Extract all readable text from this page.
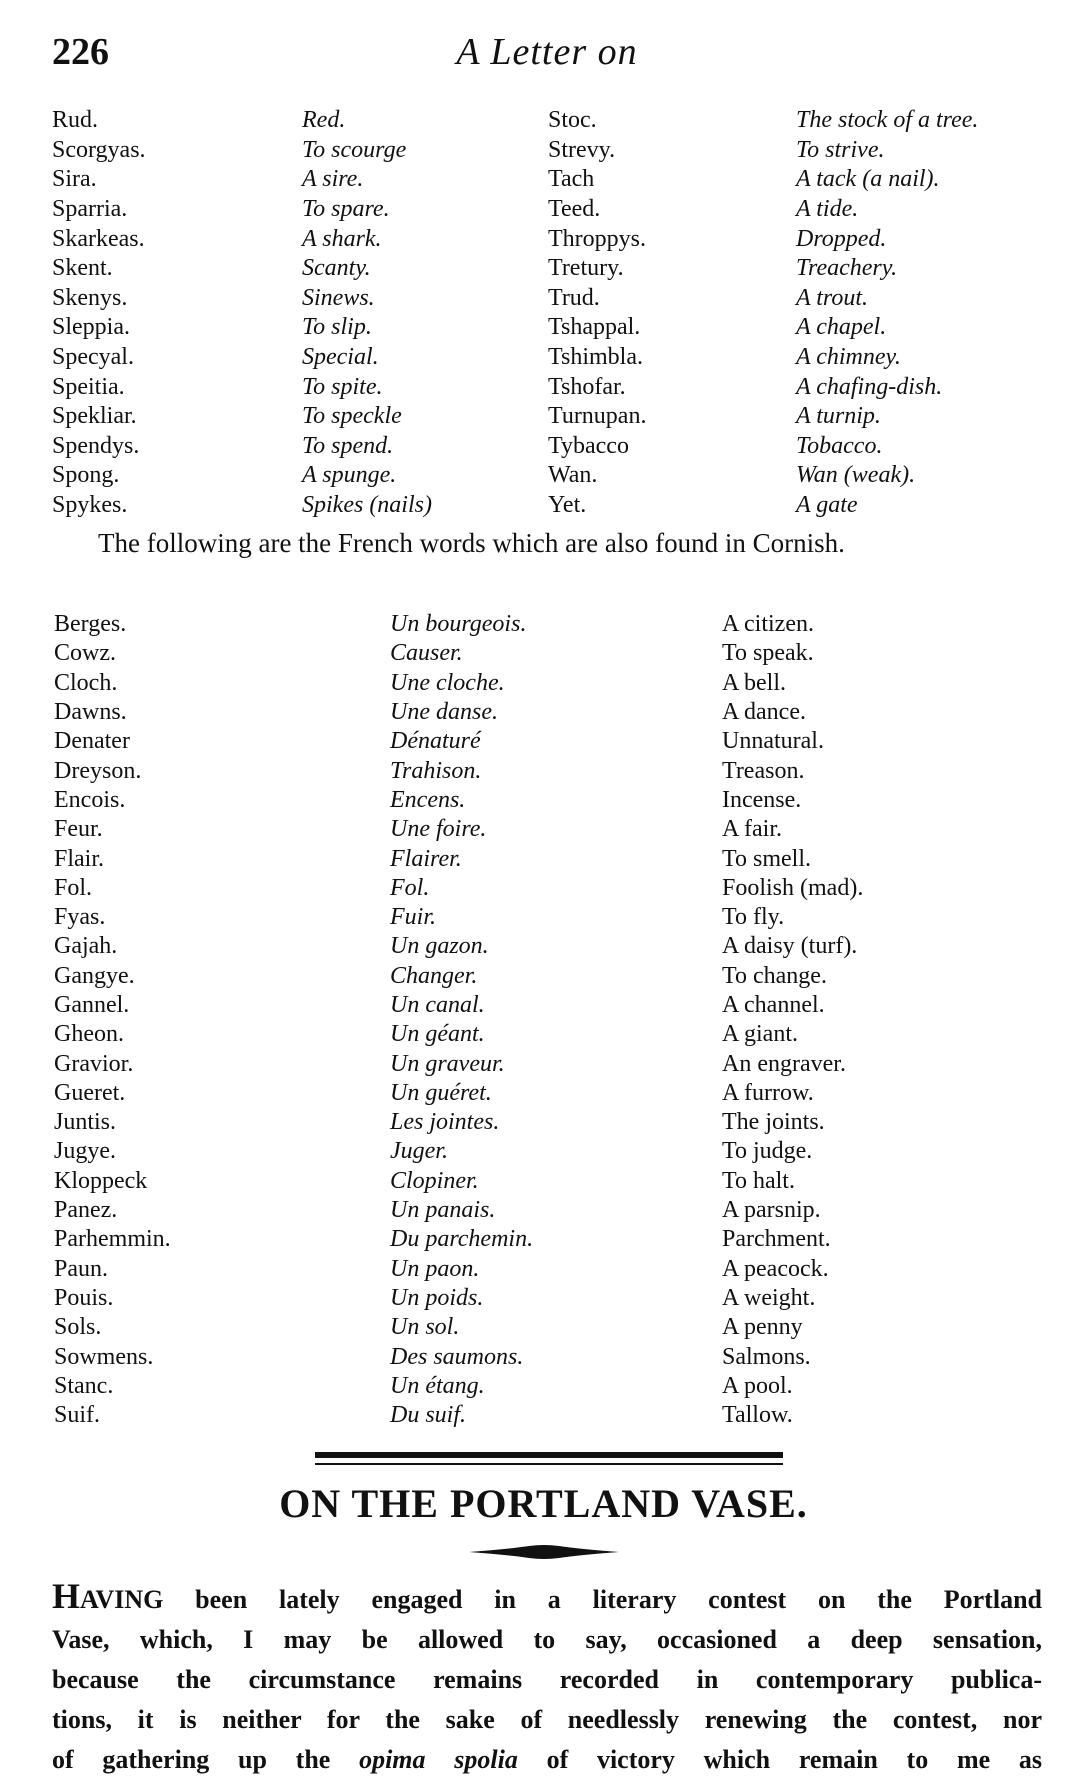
226	A Letter on
Rud.	Red.	Stoc.	The stock of a tree.
Scorgyas.	To scourge	Strevy.	To strive.
Sira.	A sire.	Tach	A tack (a nail).
Sparria.	To spare.	Teed.	A tide.
Skarkeas.	A shark.	Throppys.	Dropped.
Skent.	Scanty.	Tretury.	Treachery.
Skenys.	Sinews.	Trud.	A trout.
Sleppia.	To slip.	Tshappal.	A chapel.
Specyal.	Special.	Tshimbla.	A chimney.
Speitia.	To spite.	Tshofar.	A chafing-dish.
Spekliar.	To speckle	Turnupan.	A turnip.
Spendys.	To spend.	Tybacco	Tobacco.
Spong.	A spunge.	Wan.	Wan (weak).
Spykes.	Spikes (nails)	Yet.	A gate
The following are the French words which are also found in Cornish.
Berges.	Un bourgeois.	A citizen.
Cowz.	Causer.	To speak.
Cloch.	Une cloche.	A bell.
Dawns.	Une danse.	A dance.
Denater	Dénaturé	Unnatural.
Dreyson.	Trahison.	Treason.
Encois.	Encens.	Incense.
Feur.	Une foire.	A fair.
Flair.	Flairer.	To smell.
Fol.	Fol.	Foolish (mad).
Fyas.	Fuir.	To fly.
Gajah.	Un gazon.	A daisy (turf).
Gangye.	Changer.	To change.
Gannel.	Un canal.	A channel.
Gheon.	Un géant.	A giant.
Gravior.	Un graveur.	An engraver.
Gueret.	Un guéret.	A furrow.
Juntis.	Les jointes.	The joints.
Jugye.	Juger.	To judge.
Kloppeck	Clopiner.	To halt.
Panez.	Un panais.	A parsnip.
Parhemmin.	Du parchemin.	Parchment.
Paun.	Un paon.	A peacock.
Pouis.	Un poids.	A weight.
Sols.	Un sol.	A penny
Sowmens.	Des saumons.	Salmons.
Stanc.	Un étang.	A pool.
Suif.	Du suif.	Tallow.
ON THE PORTLAND VASE.
HAVING been lately engaged in a literary contest on the Portland
Vase, which, I may be allowed to say, occasioned a deep sensation,
because the circumstance remains recorded in contemporary publica-
tions, it is neither for the sake of needlessly renewing the contest, nor
of gathering up the opima spolia of victory which remain to me as
